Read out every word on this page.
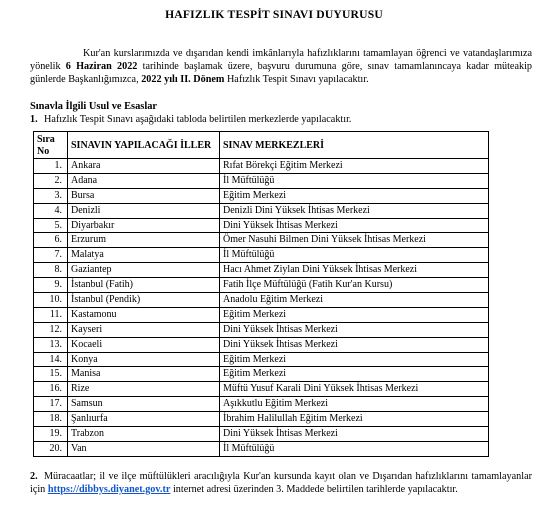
HAFIZLIK TESPİT SINAVI DUYURUSU

Kur'an kurslarımızda ve dışarıdan kendi imkânlarıyla hafızlıklarını tamamlayan öğrenci ve vatandaşlarımıza yönelik 6 Haziran 2022 tarihinde başlamak üzere, başvuru durumuna göre, sınav tamamlanıncaya kadar müteakip günlerde Başkanlığımızca, 2022 yılı II. Dönem Hafızlık Tespit Sınavı yapılacaktır.

Sınavla İlgili Usul ve Esaslar
1. Hafızlık Tespit Sınavı aşağıdaki tabloda belirtilen merkezlerde yapılacaktır.
Sıra No	SINAVIN YAPILACAĞI İLLER	SINAV MERKEZLERİ
1.	Ankara	Rıfat Börekçi Eğitim Merkezi
2.	Adana	İl Müftülüğü
3.	Bursa	Eğitim Merkezi
4.	Denizli	Denizli Dini Yüksek İhtisas Merkezi
5.	Diyarbakır	Dini Yüksek İhtisas Merkezi
6.	Erzurum	Ömer Nasuhi Bilmen Dini Yüksek İhtisas Merkezi
7.	Malatya	İl Müftülüğü
8.	Gaziantep	Hacı Ahmet Ziylan Dini Yüksek İhtisas Merkezi
9.	İstanbul (Fatih)	Fatih İlçe Müftülüğü (Fatih Kur'an Kursu)
10.	İstanbul (Pendik)	Anadolu Eğitim Merkezi
11.	Kastamonu	Eğitim Merkezi
12.	Kayseri	Dini Yüksek İhtisas Merkezi
13.	Kocaeli	Dini Yüksek İhtisas Merkezi
14.	Konya	Eğitim Merkezi
15.	Manisa	Eğitim Merkezi
16.	Rize	Müftü Yusuf Karali Dini Yüksek İhtisas Merkezi
17.	Samsun	Aşıkkutlu Eğitim Merkezi
18.	Şanlıurfa	İbrahim Halilullah Eğitim Merkezi
19.	Trabzon	Dini Yüksek İhtisas Merkezi
20.	Van	İl Müftülüğü

2. Müracaatlar; il ve ilçe müftülükleri aracılığıyla Kur'an kursunda kayıt olan ve Dışarıdan hafızlıklarını tamamlayanlar için https://dibbys.diyanet.gov.tr internet adresi üzerinden 3. Maddede belirtilen tarihlerde yapılacaktır.
